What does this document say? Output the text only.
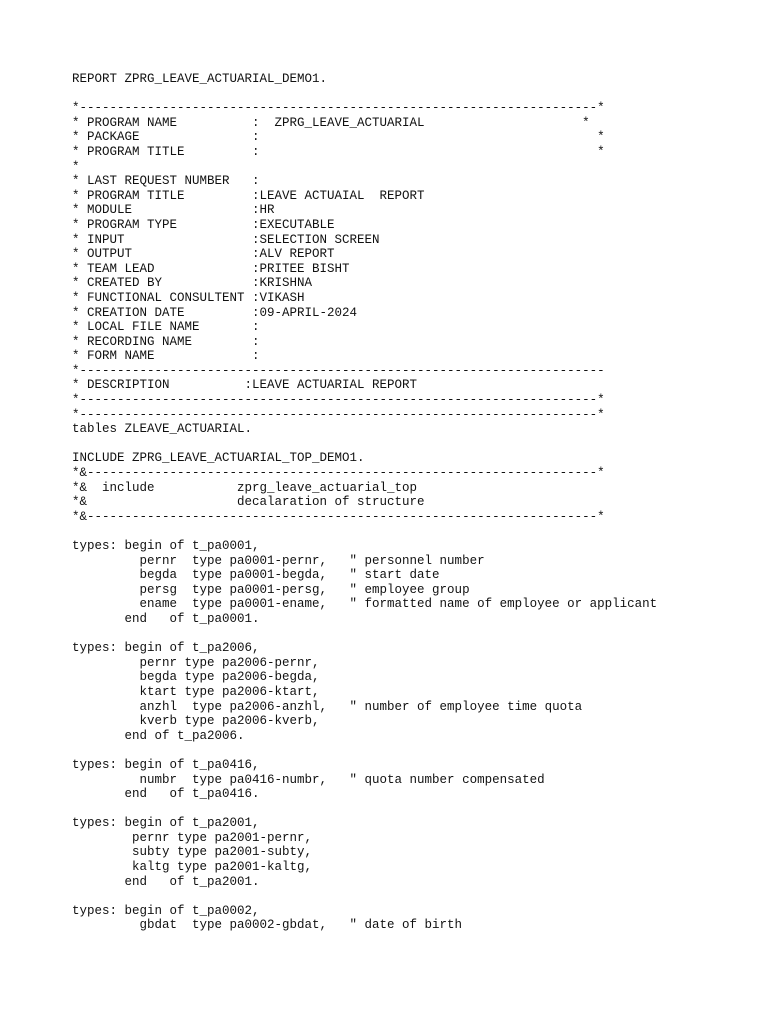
REPORT ZPRG_LEAVE_ACTUARIAL_DEMO1.
*---------------------------------------------------------------------*
* PROGRAM NAME          :  ZPRG_LEAVE_ACTUARIAL                     *
* PACKAGE               :                                             *
* PROGRAM TITLE         :                                             *
*
* LAST REQUEST NUMBER   :
* PROGRAM TITLE         :LEAVE ACTUAIAL  REPORT
* MODULE                :HR
* PROGRAM TYPE          :EXECUTABLE
* INPUT                 :SELECTION SCREEN
* OUTPUT                :ALV REPORT
* TEAM LEAD             :PRITEE BISHT
* CREATED BY            :KRISHNA
* FUNCTIONAL CONSULTENT :VIKASH
* CREATION DATE         :09-APRIL-2024
* LOCAL FILE NAME       :
* RECORDING NAME        :
* FORM NAME             :
*----------------------------------------------------------------------
* DESCRIPTION          :LEAVE ACTUARIAL REPORT
*---------------------------------------------------------------------*
*---------------------------------------------------------------------*
tables ZLEAVE_ACTUARIAL.
INCLUDE ZPRG_LEAVE_ACTUARIAL_TOP_DEMO1.
*&--------------------------------------------------------------------*
*&  include           zprg_leave_actuarial_top
*&                    decalaration of structure
*&--------------------------------------------------------------------*
types: begin of t_pa0001,
pernr  type pa0001-pernr,   " personnel number
begda  type pa0001-begda,   " start date
persg  type pa0001-persg,   " employee group
ename  type pa0001-ename,   " formatted name of employee or applicant
end   of t_pa0001.
types: begin of t_pa2006,
pernr type pa2006-pernr,
begda type pa2006-begda,
ktart type pa2006-ktart,
anzhl  type pa2006-anzhl,   " number of employee time quota
kverb type pa2006-kverb,
end of t_pa2006.
types: begin of t_pa0416,
numbr  type pa0416-numbr,   " quota number compensated
end   of t_pa0416.
types: begin of t_pa2001,
pernr type pa2001-pernr,
subty type pa2001-subty,
kaltg type pa2001-kaltg,
end   of t_pa2001.
types: begin of t_pa0002,
gbdat  type pa0002-gbdat,   " date of birth
